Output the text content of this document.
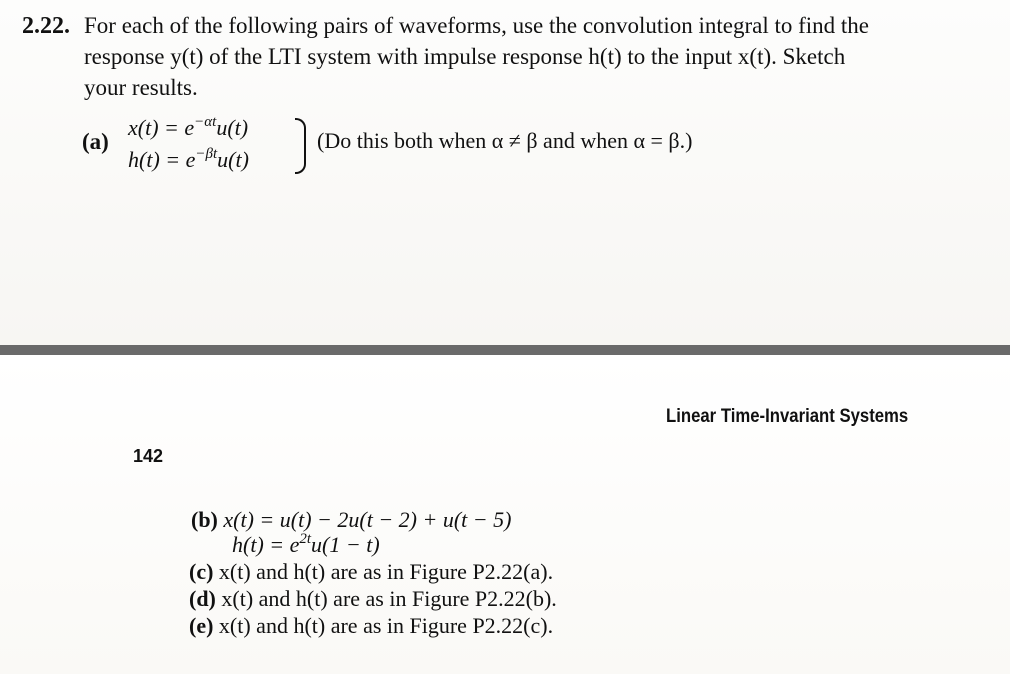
2.22. For each of the following pairs of waveforms, use the convolution integral to find the
response y(t) of the LTI system with impulse response h(t) to the input x(t). Sketch
your results.
(a)
$x(t) = e^{-\alpha t}u(t)$
$h(t) = e^{-\beta t}u(t)$
(Do this both when α ≠ β and when α = β.)
Linear Time-Invariant Systems
142
(b) x(t) = u(t) − 2u(t − 2) + u(t − 5)
$h(t) = e^{2t}u(1 - t)$
(c) x(t) and h(t) are as in Figure P2.22(a).
(d) x(t) and h(t) are as in Figure P2.22(b).
(e) x(t) and h(t) are as in Figure P2.22(c).
